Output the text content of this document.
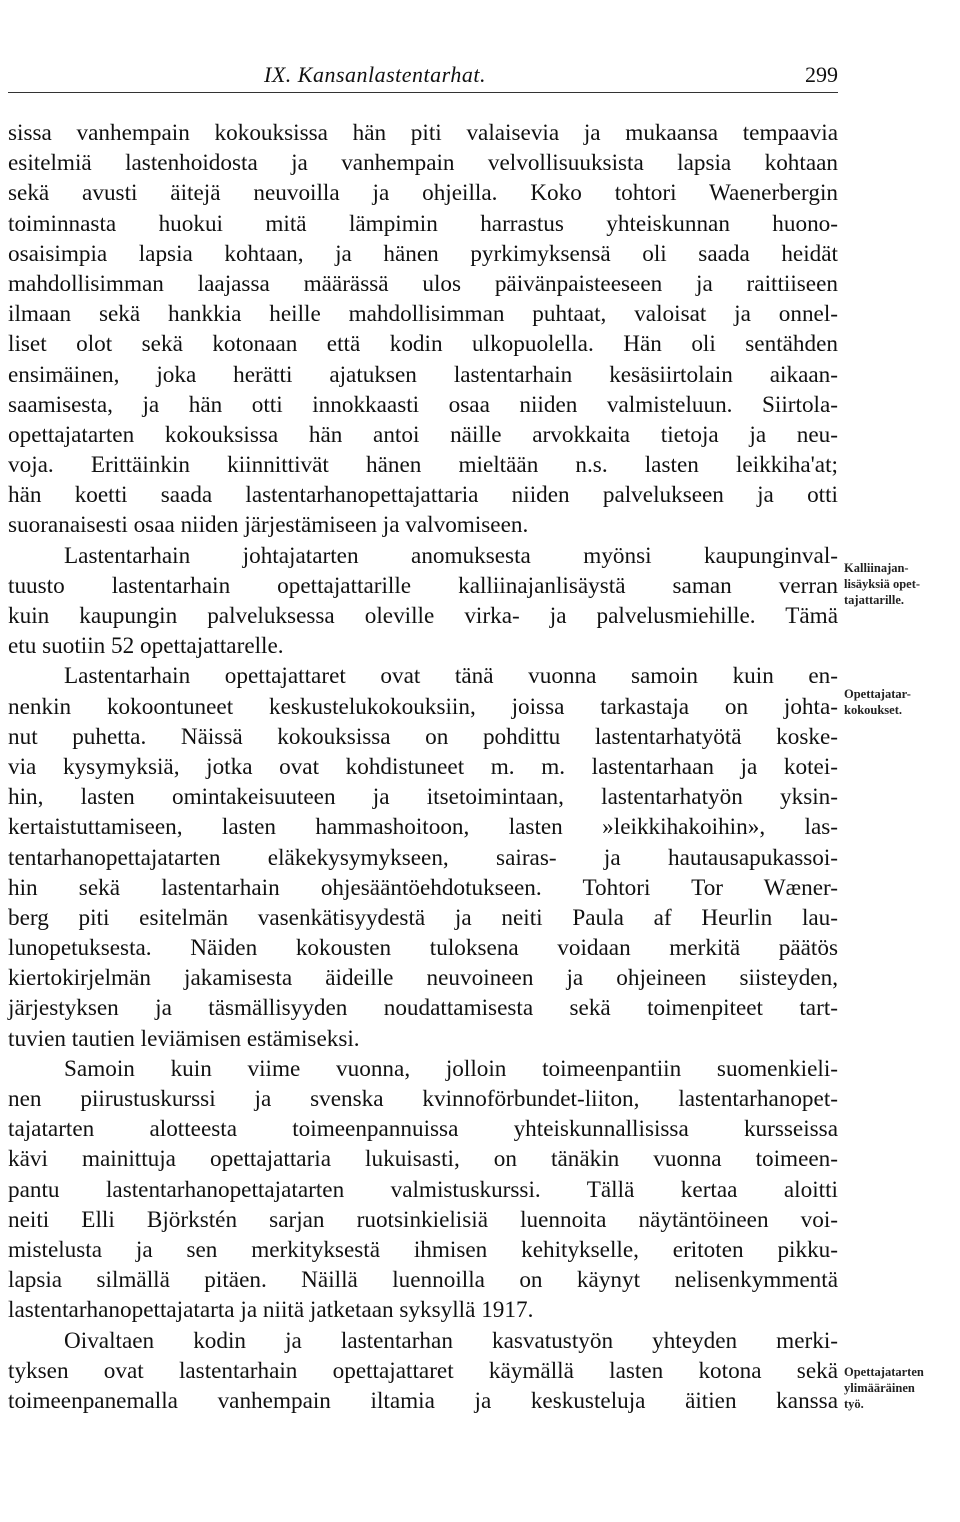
IX. Kansanlastentarhat.	299
sissa vanhempain kokouksissa hän piti valaisevia ja mukaansa tempaavia
esitelmiä lastenhoidosta ja vanhempain velvollisuuksista lapsia kohtaan
sekä avusti äitejä neuvoilla ja ohjeilla. Koko tohtori Waenerbergin
toiminnasta huokui mitä lämpimin harrastus yhteiskunnan huono-
osaisimpia lapsia kohtaan, ja hänen pyrkimyksensä oli saada heidät
mahdollisimman laajassa määrässä ulos päivänpaisteeseen ja raittiiseen
ilmaan sekä hankkia heille mahdollisimman puhtaat, valoisat ja onnel-
liset olot sekä kotonaan että kodin ulkopuolella. Hän oli sentähden
ensimäinen, joka herätti ajatuksen lastentarhain kesäsiirtolain aikaan-
saamisesta, ja hän otti innokkaasti osaa niiden valmisteluun. Siirtola-
opettajatarten kokouksissa hän antoi näille arvokkaita tietoja ja neu-
voja. Erittäinkin kiinnittivät hänen mieltään n.s. lasten leikkiha'at;
hän koetti saada lastentarhanopettajattaria niiden palvelukseen ja otti
suoranaisesti osaa niiden järjestämiseen ja valvomiseen.
Lastentarhain johtajatarten anomuksesta myönsi kaupunginval-
tuusto lastentarhain opettajattarille kalliinajanlisäystä saman verran
kuin kaupungin palveluksessa oleville virka- ja palvelusmiehille. Tämä
etu suotiin 52 opettajattarelle.
Lastentarhain opettajattaret ovat tänä vuonna samoin kuin en-
nenkin kokoontuneet keskustelukokouksiin, joissa tarkastaja on johta-
nut puhetta. Näissä kokouksissa on pohdittu lastentarhatyötä koske-
via kysymyksiä, jotka ovat kohdistuneet m. m. lastentarhaan ja kotei-
hin, lasten omintakeisuuteen ja itsetoimintaan, lastentarhatyön yksin-
kertaistuttamiseen, lasten hammashoitoon, lasten »leikkihakoihin», las-
tentarhanopettajatarten eläkekysymykseen, sairas- ja hautausapukassoi-
hin sekä lastentarhain ohjesääntöehdotukseen. Tohtori Tor Wæner-
berg piti esitelmän vasenkätisyydestä ja neiti Paula af Heurlin lau-
lunopetuksesta. Näiden kokousten tuloksena voidaan merkitä päätös
kiertokirjelmän jakamisesta äideille neuvoineen ja ohjeineen siisteyden,
järjestyksen ja täsmällisyyden noudattamisesta sekä toimenpiteet tart-
tuvien tautien leviämisen estämiseksi.
Samoin kuin viime vuonna, jolloin toimeenpantiin suomenkieli-
nen piirustuskurssi ja svenska kvinnoförbundet-liiton, lastentarhanopet-
tajatarten alotteesta toimeenpannuissa yhteiskunnallisissa kursseissa
kävi mainittuja opettajattaria lukuisasti, on tänäkin vuonna toimeen-
pantu lastentarhanopettajatarten valmistuskurssi. Tällä kertaa aloitti
neiti Elli Björkstén sarjan ruotsinkielisiä luennoita näytäntöineen voi-
mistelusta ja sen merkityksestä ihmisen kehitykselle, eritoten pikku-
lapsia silmällä pitäen. Näillä luennoilla on käynyt nelisenkymmentä
lastentarhanopettajatarta ja niitä jatketaan syksyllä 1917.
Oivaltaen kodin ja lastentarhan kasvatustyön yhteyden merki-
tyksen ovat lastentarhain opettajattaret käymällä lasten kotona sekä
toimeenpanemalla vanhempain iltamia ja keskusteluja äitien kanssa
Kalliinajan-
lisäyksiä opet-
tajattarille.
Opettajatar-
kokoukset.
Opettajatarten
ylimääräinen
työ.
